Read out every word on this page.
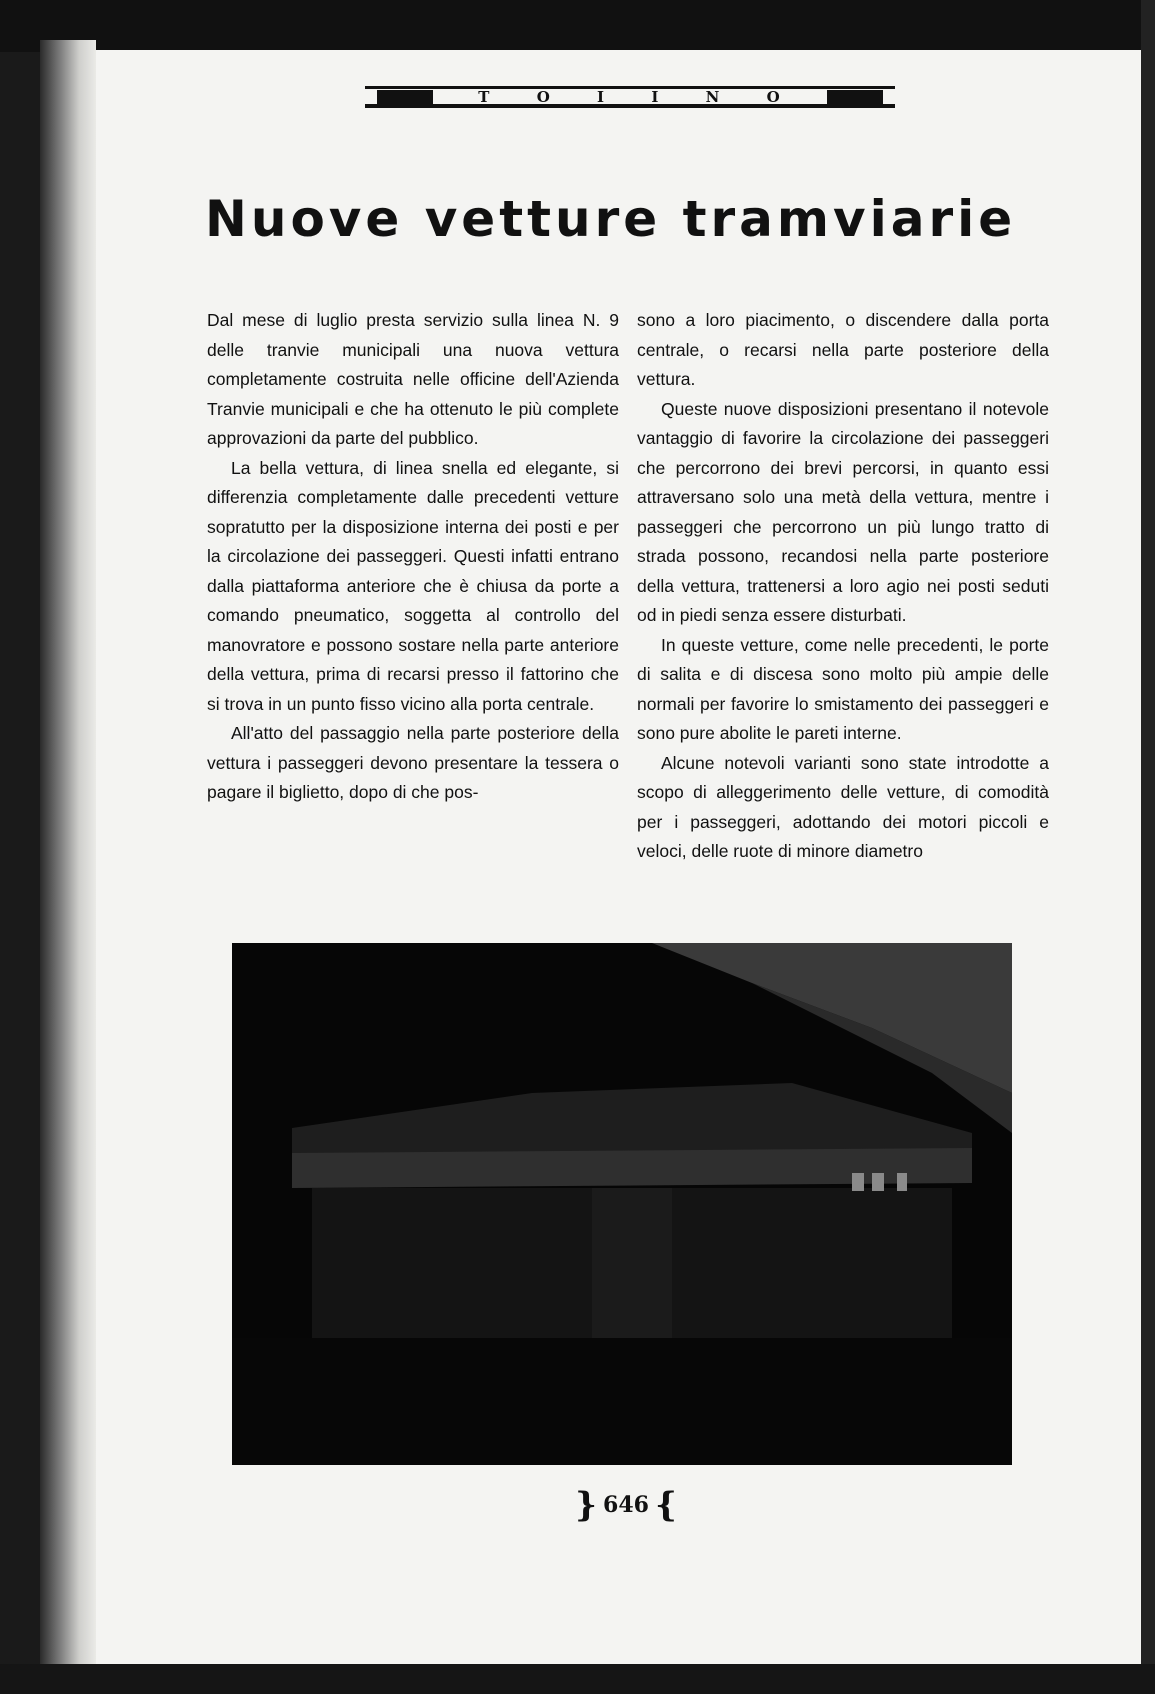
T	O	I	I	N	O
Nuove vetture tramviarie

Dal mese di luglio presta servizio sulla linea N. 9 delle tranvie municipali una nuova vettura completamente costruita nelle officine dell'Azienda Tranvie municipali e che ha ottenuto le più complete approvazioni da parte del pubblico.

La bella vettura, di linea snella ed elegante, si differenzia completamente dalle precedenti vetture sopratutto per la disposizione interna dei posti e per la circolazione dei passeggeri. Questi infatti entrano dalla piattaforma anteriore che è chiusa da porte a comando pneumatico, soggetta al controllo del manovratore e possono sostare nella parte anteriore della vettura, prima di recarsi presso il fattorino che si trova in un punto fisso vicino alla porta centrale.

All'atto del passaggio nella parte posteriore della vettura i passeggeri devono presentare la tessera o pagare il biglietto, dopo di che pos-

sono a loro piacimento, o discendere dalla porta centrale, o recarsi nella parte posteriore della vettura.

Queste nuove disposizioni presentano il notevole vantaggio di favorire la circolazione dei passeggeri che percorrono dei brevi percorsi, in quanto essi attraversano solo una metà della vettura, mentre i passeggeri che percorrono un più lungo tratto di strada possono, recandosi nella parte posteriore della vettura, trattenersi a loro agio nei posti seduti od in piedi senza essere disturbati.

In queste vetture, come nelle precedenti, le porte di salita e di discesa sono molto più ampie delle normali per favorire lo smistamento dei passeggeri e sono pure abolite le pareti interne.

Alcune notevoli varianti sono state introdotte a scopo di alleggerimento delle vetture, di comodità per i passeggeri, adottando dei motori piccoli e veloci, delle ruote di minore diametro

} 646 {
